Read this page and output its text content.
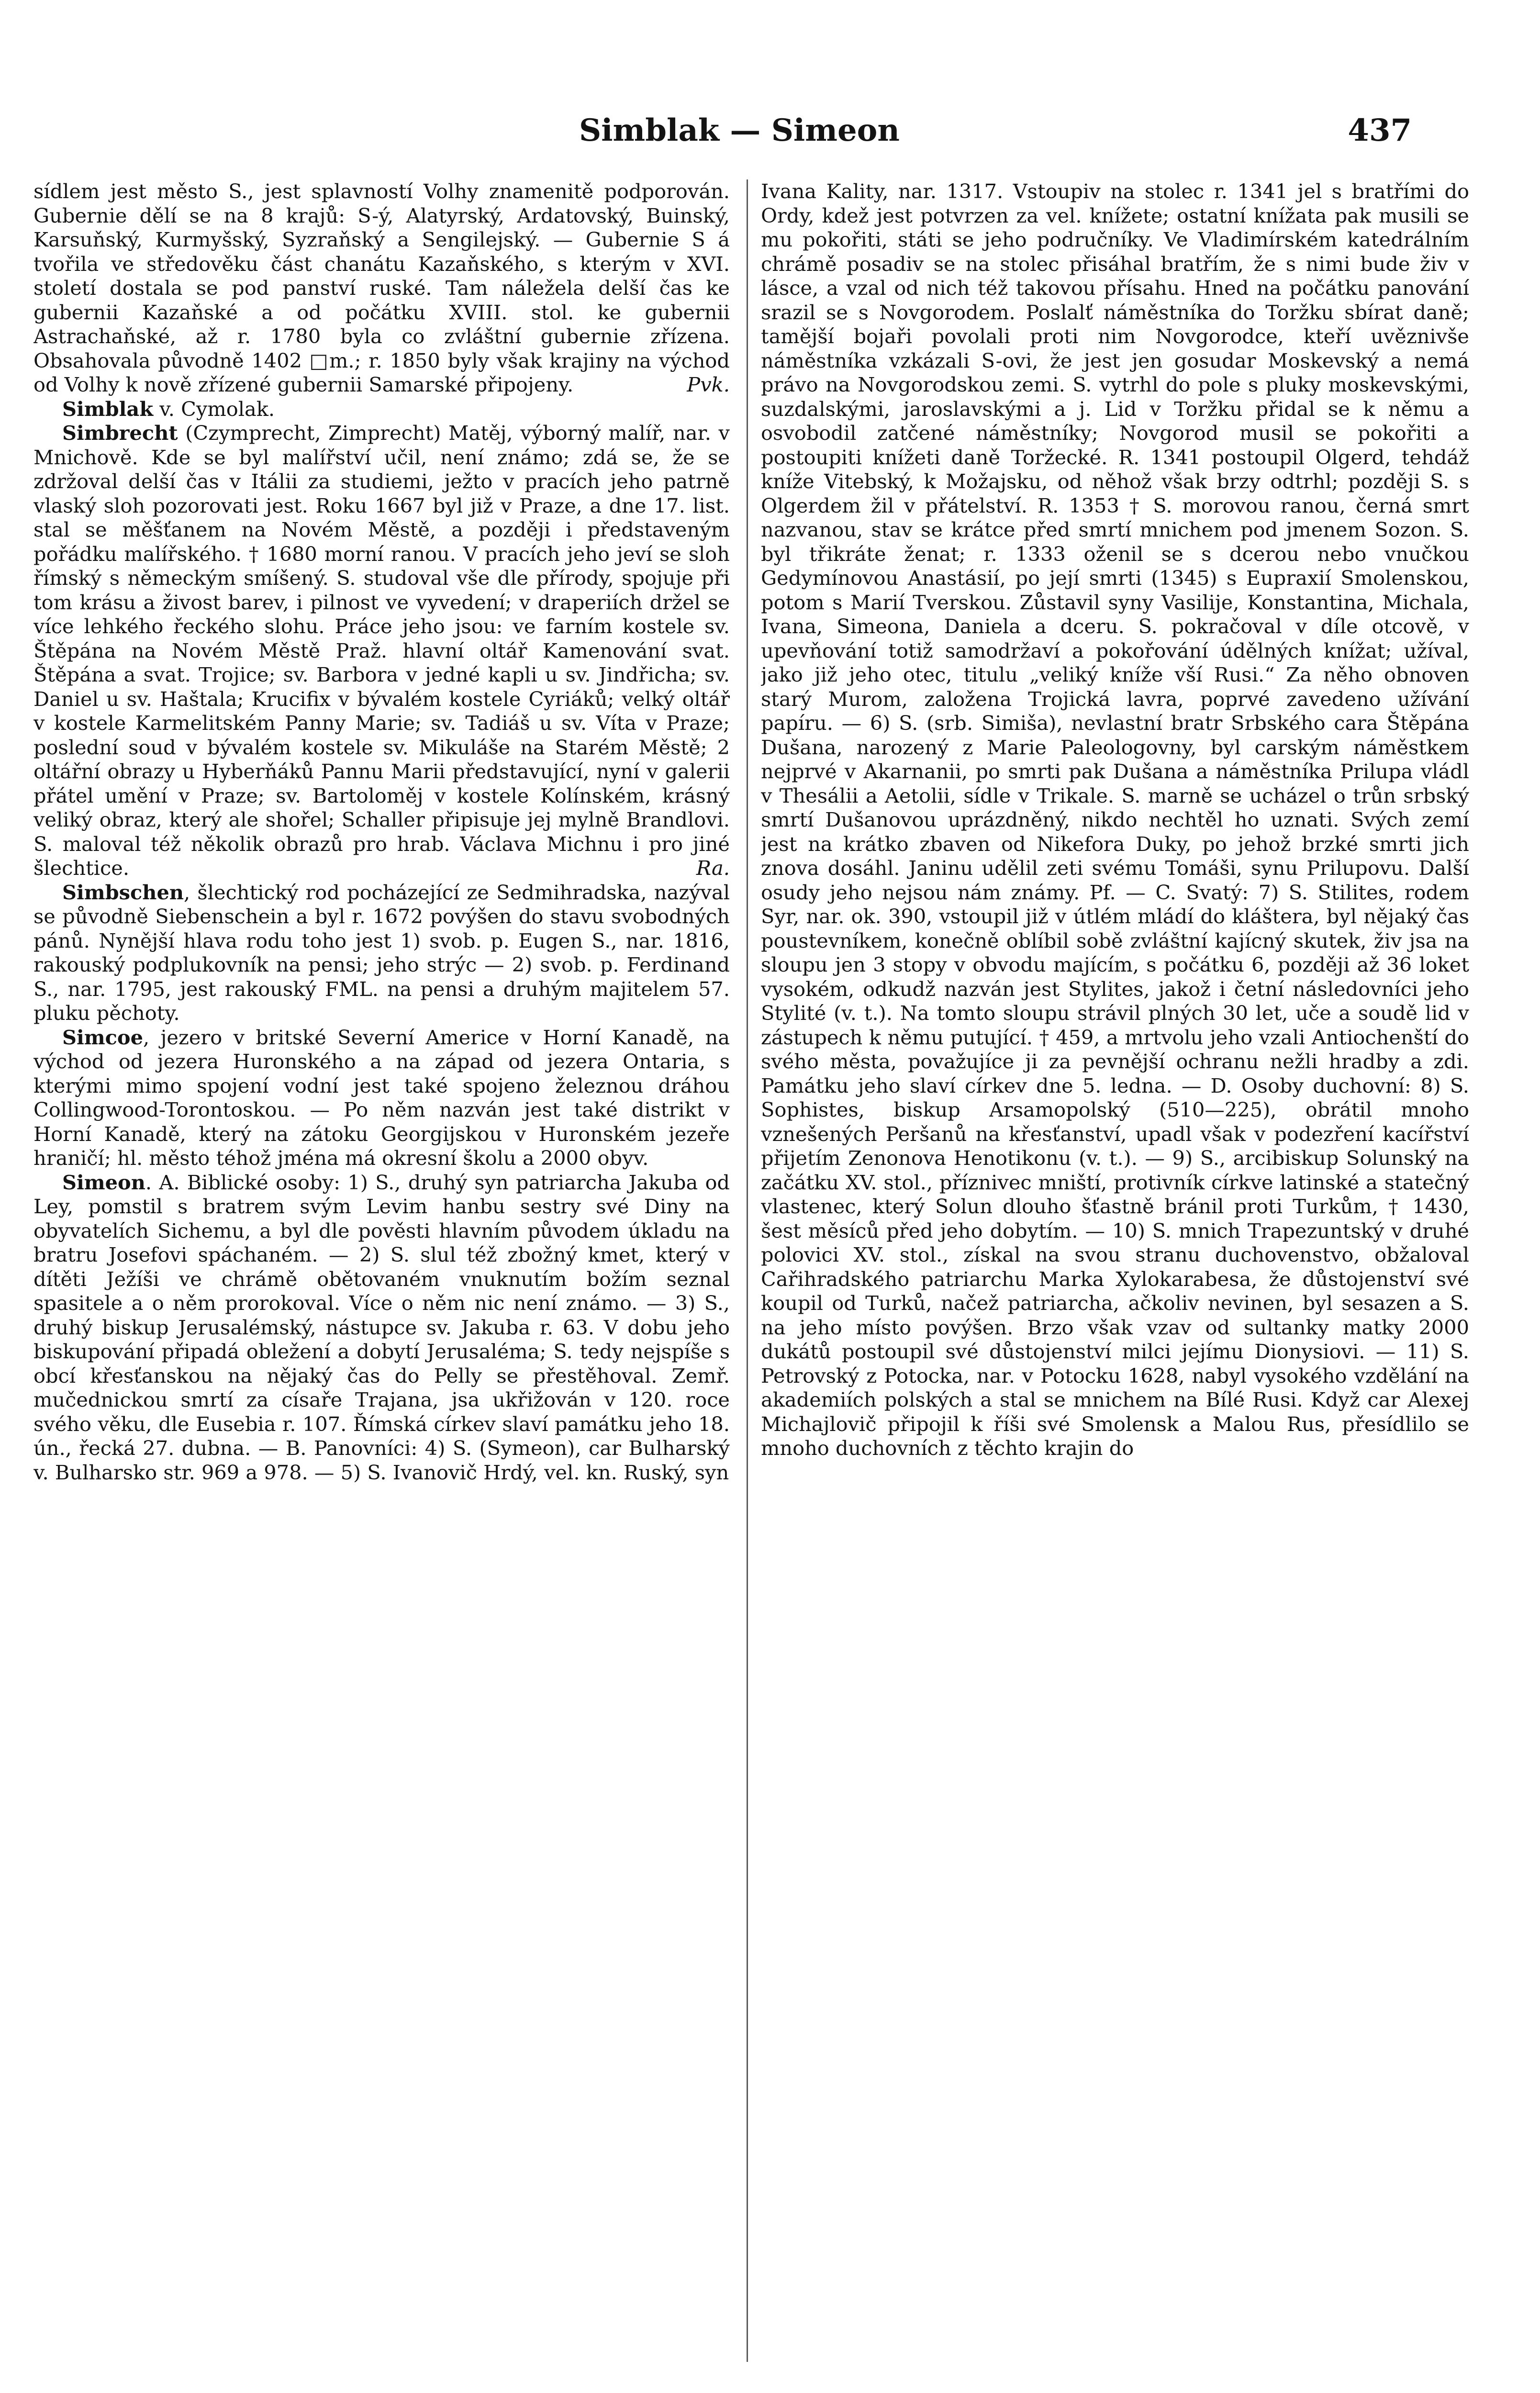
Simblak — Simeon	437

sídlem jest město S., jest splavností Volhy znamenitě podporován. Gubernie dělí se na 8 krajů: S-ý, Alatyrský, Ardatovský, Buinský, Karsuňský, Kurmyšský, Syzraňský a Sengilejský. — Gubernie S á tvořila ve středověku část chanátu Kazaňského, s kterým v XVI. století dostala se pod panství ruské. Tam náležela delší čas ke gubernii Kazaňské a od počátku XVIII. stol. ke gubernii Astrachaňské, až r. 1780 byla co zvláštní gubernie zřízena. Obsahovala původně 1402 □m.; r. 1850 byly však krajiny na východ od Volhy k nově zřízené gubernii Samarské připojeny.	Pvk.

Simblak v. Cymolak.

Simbrecht (Czymprecht, Zimprecht) Matěj, výborný malíř, nar. v Mnichově. Kde se byl malířství učil, není známo; zdá se, že se zdržoval delší čas v Itálii za studiemi, ježto v pracích jeho patrně vlaský sloh pozorovati jest. Roku 1667 byl již v Praze, a dne 17. list. stal se měšťanem na Novém Městě, a později i představeným pořádku malířského. † 1680 morní ranou. V pracích jeho jeví se sloh římský s německým smíšený. S. studoval vše dle přírody, spojuje při tom krásu a živost barev, i pilnost ve vyvedení; v draperiích držel se více lehkého řeckého slohu. Práce jeho jsou: ve farním kostele sv. Štěpána na Novém Městě Praž. hlavní oltář Kamenování svat. Štěpána a svat. Trojice; sv. Barbora v jedné kapli u sv. Jindřicha; sv. Daniel u sv. Haštala; Krucifix v bývalém kostele Cyriáků; velký oltář v kostele Karmelitském Panny Marie; sv. Tadiáš u sv. Víta v Praze; poslední soud v bývalém kostele sv. Mikuláše na Starém Městě; 2 oltářní obrazy u Hyberňáků Pannu Marii představující, nyní v galerii přátel umění v Praze; sv. Bartoloměj v kostele Kolínském, krásný veliký obraz, který ale shořel; Schaller připisuje jej mylně Brandlovi. S. maloval též několik obrazů pro hrab. Václava Michnu i pro jiné šlechtice.	Ra.

Simbschen, šlechtický rod pocházející ze Sedmihradska, nazýval se původně Siebenschein a byl r. 1672 povýšen do stavu svobodných pánů. Nynější hlava rodu toho jest 1) svob. p. Eugen S., nar. 1816, rakouský podplukovník na pensi; jeho strýc — 2) svob. p. Ferdinand S., nar. 1795, jest rakouský FML. na pensi a druhým majitelem 57. pluku pěchoty.

Simcoe, jezero v britské Severní Americe v Horní Kanadě, na východ od jezera Huronského a na západ od jezera Ontaria, s kterými mimo spojení vodní jest také spojeno železnou dráhou Collingwood-Torontoskou. — Po něm nazván jest také distrikt v Horní Kanadě, který na zátoku Georgijskou v Huronském jezeře hraničí; hl. město téhož jména má okresní školu a 2000 obyv.

Simeon. A. Biblické osoby: 1) S., druhý syn patriarcha Jakuba od Ley, pomstil s bratrem svým Levim hanbu sestry své Diny na obyvatelích Sichemu, a byl dle pověsti hlavním původem úkladu na bratru Josefovi spáchaném. — 2) S. slul též zbožný kmet, který v dítěti Ježíši ve chrámě obětovaném vnuknutím božím seznal spasitele a o něm prorokoval. Více o něm nic není známo. — 3) S., druhý biskup Jerusalémský, nástupce sv. Jakuba r. 63. V dobu jeho biskupování připadá obležení a dobytí Jerusaléma; S. tedy nejspíše s obcí křesťanskou na nějaký čas do Pelly se přestěhoval. Zemř. mučednickou smrtí za císaře Trajana, jsa ukřižován v 120. roce svého věku, dle Eusebia r. 107. Římská církev slaví památku jeho 18. ún., řecká 27. dubna. — B. Panovníci: 4) S. (Symeon), car Bulharský v. Bulharsko str. 969 a 978. — 5) S. Ivanovič Hrdý, vel. kn. Ruský, syn

Ivana Kality, nar. 1317. Vstoupiv na stolec r. 1341 jel s bratřími do Ordy, kdež jest potvrzen za vel. knížete; ostatní knížata pak musili se mu pokořiti, státi se jeho područníky. Ve Vladimírském katedrálním chrámě posadiv se na stolec přisáhal bratřím, že s nimi bude živ v lásce, a vzal od nich též takovou přísahu. Hned na počátku panování srazil se s Novgorodem. Poslalť náměstníka do Toržku sbírat daně; tamější bojaři povolali proti nim Novgorodce, kteří uvěznivše náměstníka vzkázali S-ovi, že jest jen gosudar Moskevský a nemá právo na Novgorodskou zemi. S. vytrhl do pole s pluky moskevskými, suzdalskými, jaroslavskými a j. Lid v Toržku přidal se k němu a osvobodil zatčené náměstníky; Novgorod musil se pokořiti a postoupiti knížeti daně Toržecké. R. 1341 postoupil Olgerd, tehdáž kníže Vitebský, k Možajsku, od něhož však brzy odtrhl; později S. s Olgerdem žil v přátelství. R. 1353 † S. morovou ranou, černá smrt nazvanou, stav se krátce před smrtí mnichem pod jmenem Sozon. S. byl třikráte ženat; r. 1333 oženil se s dcerou nebo vnučkou Gedymínovou Anastásií, po její smrti (1345) s Eupraxií Smolenskou, potom s Marií Tverskou. Zůstavil syny Vasilije, Konstantina, Michala, Ivana, Simeona, Daniela a dceru. S. pokračoval v díle otcově, v upevňování totiž samodržaví a pokořování údělných knížat; užíval, jako již jeho otec, titulu „veliký kníže vší Rusi.“ Za něho obnoven starý Murom, založena Trojická lavra, poprvé zavedeno užívání papíru. — 6) S. (srb. Simiša), nevlastní bratr Srbského cara Štěpána Dušana, narozený z Marie Paleologovny, byl carským náměstkem nejprvé v Akarnanii, po smrti pak Dušana a náměstníka Prilupa vládl v Thesálii a Aetolii, sídle v Trikale. S. marně se ucházel o trůn srbský smrtí Dušanovou uprázdněný, nikdo nechtěl ho uznati. Svých zemí jest na krátko zbaven od Nikefora Duky, po jehož brzké smrti jich znova dosáhl. Janinu udělil zeti svému Tomáši, synu Prilupovu. Další osudy jeho nejsou nám známy. Pf. — C. Svatý: 7) S. Stilites, rodem Syr, nar. ok. 390, vstoupil již v útlém mládí do kláštera, byl nějaký čas poustevníkem, konečně oblíbil sobě zvláštní kajícný skutek, živ jsa na sloupu jen 3 stopy v obvodu majícím, s počátku 6, později až 36 loket vysokém, odkudž nazván jest Stylites, jakož i četní následovníci jeho Stylité (v. t.). Na tomto sloupu strávil plných 30 let, uče a soudě lid v zástupech k němu putující. † 459, a mrtvolu jeho vzali Antiochenští do svého města, považujíce ji za pevnější ochranu nežli hradby a zdi. Památku jeho slaví církev dne 5. ledna. — D. Osoby duchovní: 8) S. Sophistes, biskup Arsamopolský (510—225), obrátil mnoho vznešených Peršanů na křesťanství, upadl však v podezření kacířství přijetím Zenonova Henotikonu (v. t.). — 9) S., arcibiskup Solunský na začátku XV. stol., příznivec mniští, protivník církve latinské a statečný vlastenec, který Solun dlouho šťastně bránil proti Turkům, † 1430, šest měsíců před jeho dobytím. — 10) S. mnich Trapezuntský v druhé polovici XV. stol., získal na svou stranu duchovenstvo, obžaloval Cařihradského patriarchu Marka Xylokarabesa, že důstojenství své koupil od Turků, načež patriarcha, ačkoliv nevinen, byl sesazen a S. na jeho místo povýšen. Brzo však vzav od sultanky matky 2000 dukátů postoupil své důstojenství milci jejímu Dionysiovi. — 11) S. Petrovský z Potocka, nar. v Potocku 1628, nabyl vysokého vzdělání na akademiích polských a stal se mnichem na Bílé Rusi. Když car Alexej Michajlovič připojil k říši své Smolensk a Malou Rus, přesídlilo se mnoho duchovních z těchto krajin do
